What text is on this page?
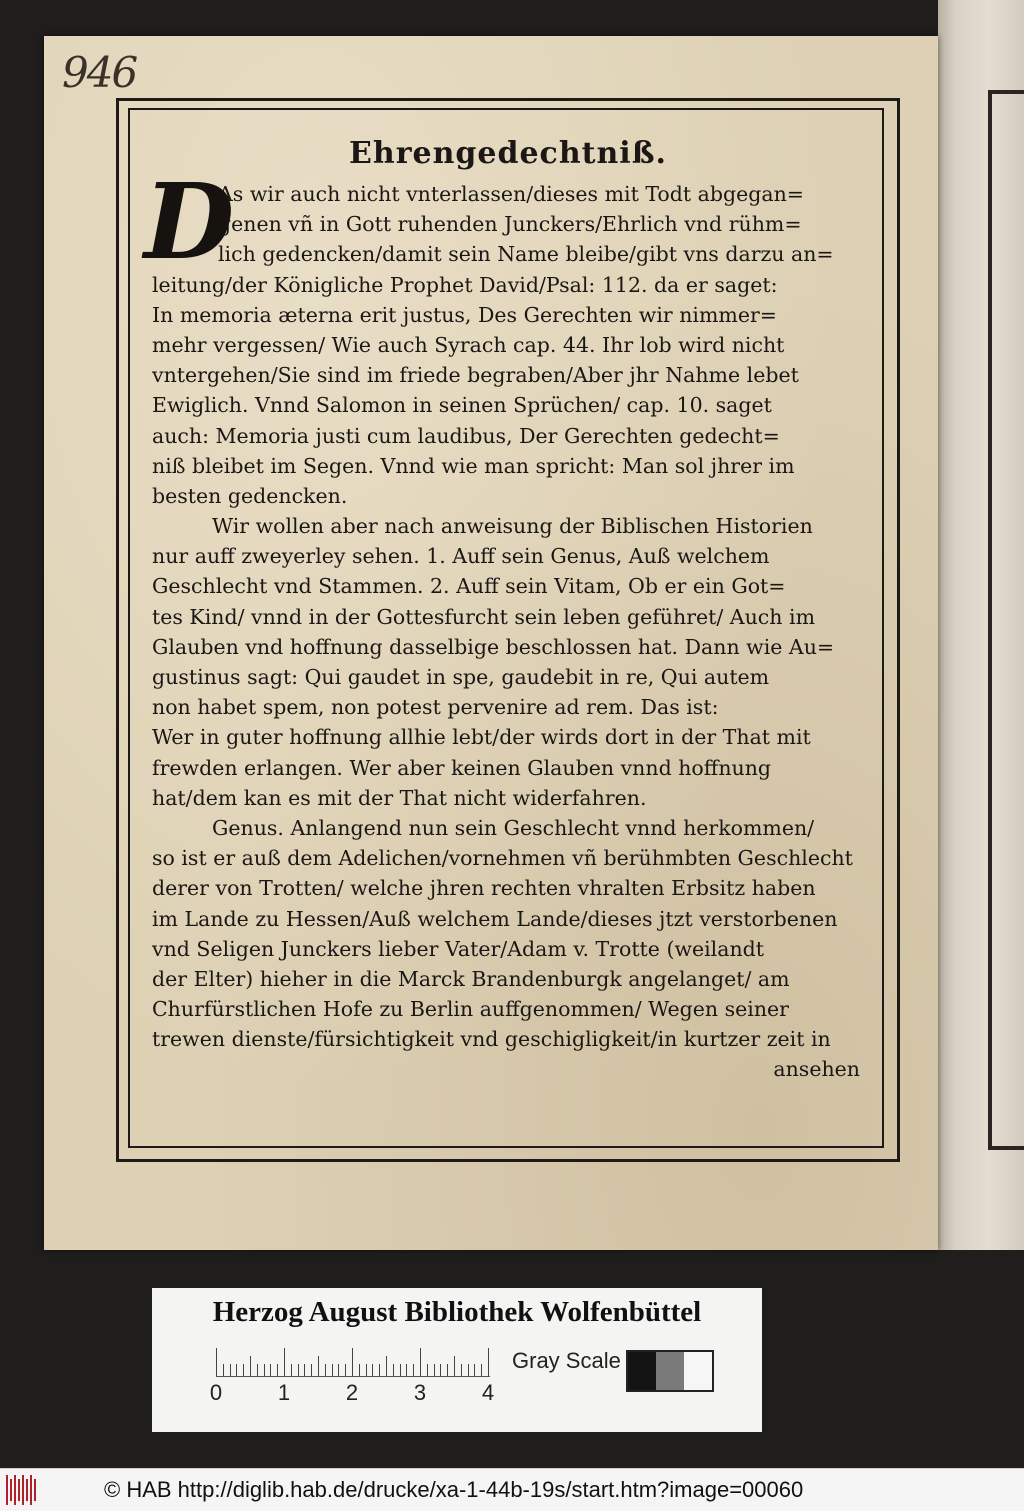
946
Ehrengedechtniß.
D
As wir auch nicht vnterlassen/dieses mit Todt abgegan=
genen vñ in Gott ruhenden Junckers/Ehrlich vnd rühm=
lich gedencken/damit sein Name bleibe/gibt vns darzu an=
leitung/der Königliche Prophet David/Psal: 112. da er saget:
In memoria æterna erit justus, Des Gerechten wir nimmer=
mehr vergessen/ Wie auch Syrach cap. 44. Ihr lob wird nicht
vntergehen/Sie sind im friede begraben/Aber jhr Nahme lebet
Ewiglich. Vnnd Salomon in seinen Sprüchen/ cap. 10. saget
auch: Memoria justi cum laudibus, Der Gerechten gedecht=
niß bleibet im Segen. Vnnd wie man spricht: Man sol jhrer im
besten gedencken.
Wir wollen aber nach anweisung der Biblischen Historien
nur auff zweyerley sehen. 1. Auff sein Genus, Auß welchem
Geschlecht vnd Stammen. 2. Auff sein Vitam, Ob er ein Got=
tes Kind/ vnnd in der Gottesfurcht sein leben geführet/ Auch im
Glauben vnd hoffnung dasselbige beschlossen hat. Dann wie Au=
gustinus sagt: Qui gaudet in spe, gaudebit in re, Qui autem
non habet spem, non potest pervenire ad rem. Das ist:
Wer in guter hoffnung allhie lebt/der wirds dort in der That mit
frewden erlangen. Wer aber keinen Glauben vnnd hoffnung
hat/dem kan es mit der That nicht widerfahren.
Genus. Anlangend nun sein Geschlecht vnnd herkommen/
so ist er auß dem Adelichen/vornehmen vñ berühmbten Geschlecht
derer von Trotten/ welche jhren rechten vhralten Erbsitz haben
im Lande zu Hessen/Auß welchem Lande/dieses jtzt verstorbenen
vnd Seligen Junckers lieber Vater/Adam v. Trotte (weilandt
der Elter) hieher in die Marck Brandenburgk angelanget/ am
Churfürstlichen Hofe zu Berlin auffgenommen/ Wegen seiner
trewen dienste/fürsichtigkeit vnd geschigligkeit/in kurtzer zeit in
ansehen
Herzog August Bibliothek Wolfenbüttel
0	1	2	3	4
Gray Scale
© HAB http://diglib.hab.de/drucke/xa-1-44b-19s/start.htm?image=00060
